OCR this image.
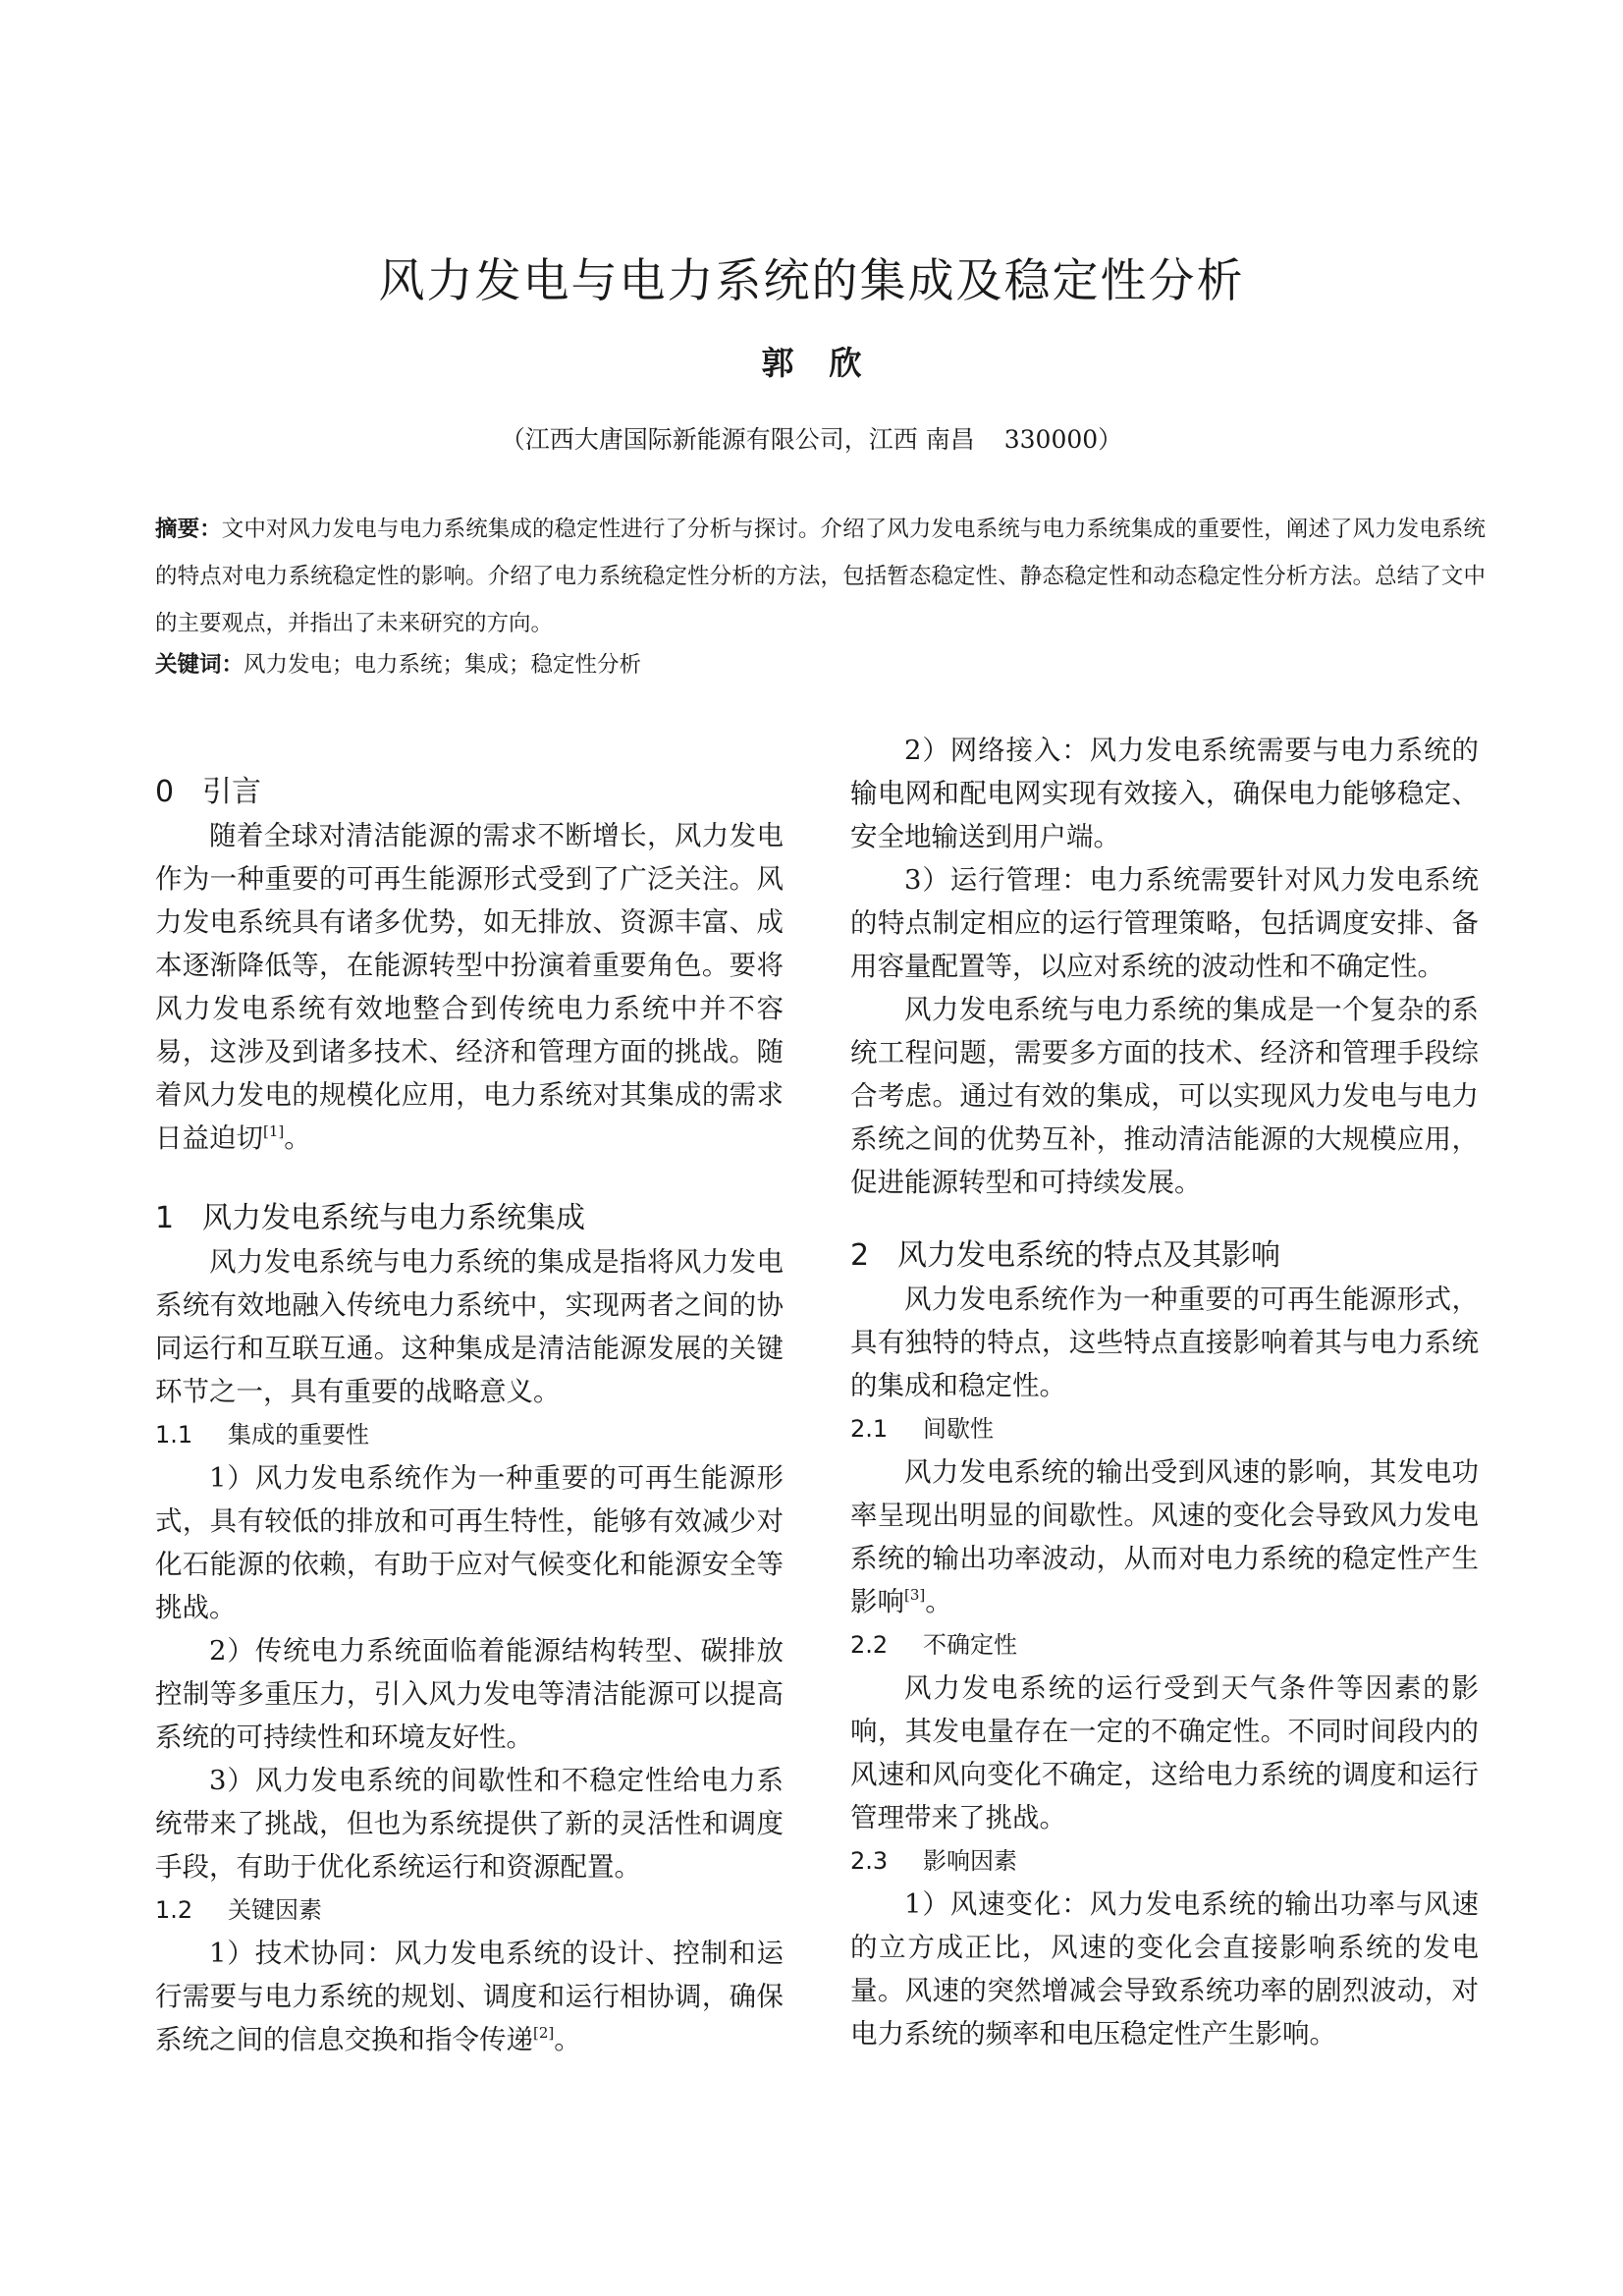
风力发电与电力系统的集成及稳定性分析
郭欣
（江西大唐国际新能源有限公司，江西 南昌 330000）
摘要：文中对风力发电与电力系统集成的稳定性进行了分析与探讨。介绍了风力发电系统与电力系统集成的重要性，阐述了风力发电系统的特点对电力系统稳定性的影响。介绍了电力系统稳定性分析的方法，包括暂态稳定性、静态稳定性和动态稳定性分析方法。总结了文中的主要观点，并指出了未来研究的方向。
关键词：风力发电；电力系统；集成；稳定性分析
0 引言

随着全球对清洁能源的需求不断增长，风力发电作为一种重要的可再生能源形式受到了广泛关注。风力发电系统具有诸多优势，如无排放、资源丰富、成本逐渐降低等，在能源转型中扮演着重要角色。要将风力发电系统有效地整合到传统电力系统中并不容易，这涉及到诸多技术、经济和管理方面的挑战。随着风力发电的规模化应用，电力系统对其集成的需求日益迫切[1]。

1 风力发电系统与电力系统集成

风力发电系统与电力系统的集成是指将风力发电系统有效地融入传统电力系统中，实现两者之间的协同运行和互联互通。这种集成是清洁能源发展的关键环节之一，具有重要的战略意义。

1.1 集成的重要性

1）风力发电系统作为一种重要的可再生能源形式，具有较低的排放和可再生特性，能够有效减少对化石能源的依赖，有助于应对气候变化和能源安全等挑战。

2）传统电力系统面临着能源结构转型、碳排放控制等多重压力，引入风力发电等清洁能源可以提高系统的可持续性和环境友好性。

3）风力发电系统的间歇性和不稳定性给电力系统带来了挑战，但也为系统提供了新的灵活性和调度手段，有助于优化系统运行和资源配置。

1.2 关键因素

1）技术协同：风力发电系统的设计、控制和运行需要与电力系统的规划、调度和运行相协调，确保系统之间的信息交换和指令传递[2]。

2）网络接入：风力发电系统需要与电力系统的输电网和配电网实现有效接入，确保电力能够稳定、安全地输送到用户端。

3）运行管理：电力系统需要针对风力发电系统的特点制定相应的运行管理策略，包括调度安排、备用容量配置等，以应对系统的波动性和不确定性。

风力发电系统与电力系统的集成是一个复杂的系统工程问题，需要多方面的技术、经济和管理手段综合考虑。通过有效的集成，可以实现风力发电与电力系统之间的优势互补，推动清洁能源的大规模应用，促进能源转型和可持续发展。

2 风力发电系统的特点及其影响

风力发电系统作为一种重要的可再生能源形式，具有独特的特点，这些特点直接影响着其与电力系统的集成和稳定性。

2.1 间歇性

风力发电系统的输出受到风速的影响，其发电功率呈现出明显的间歇性。风速的变化会导致风力发电系统的输出功率波动，从而对电力系统的稳定性产生影响[3]。

2.2 不确定性

风力发电系统的运行受到天气条件等因素的影响，其发电量存在一定的不确定性。不同时间段内的风速和风向变化不确定，这给电力系统的调度和运行管理带来了挑战。

2.3 影响因素

1）风速变化：风力发电系统的输出功率与风速的立方成正比，风速的变化会直接影响系统的发电量。风速的突然增减会导致系统功率的剧烈波动，对电力系统的频率和电压稳定性产生影响。
